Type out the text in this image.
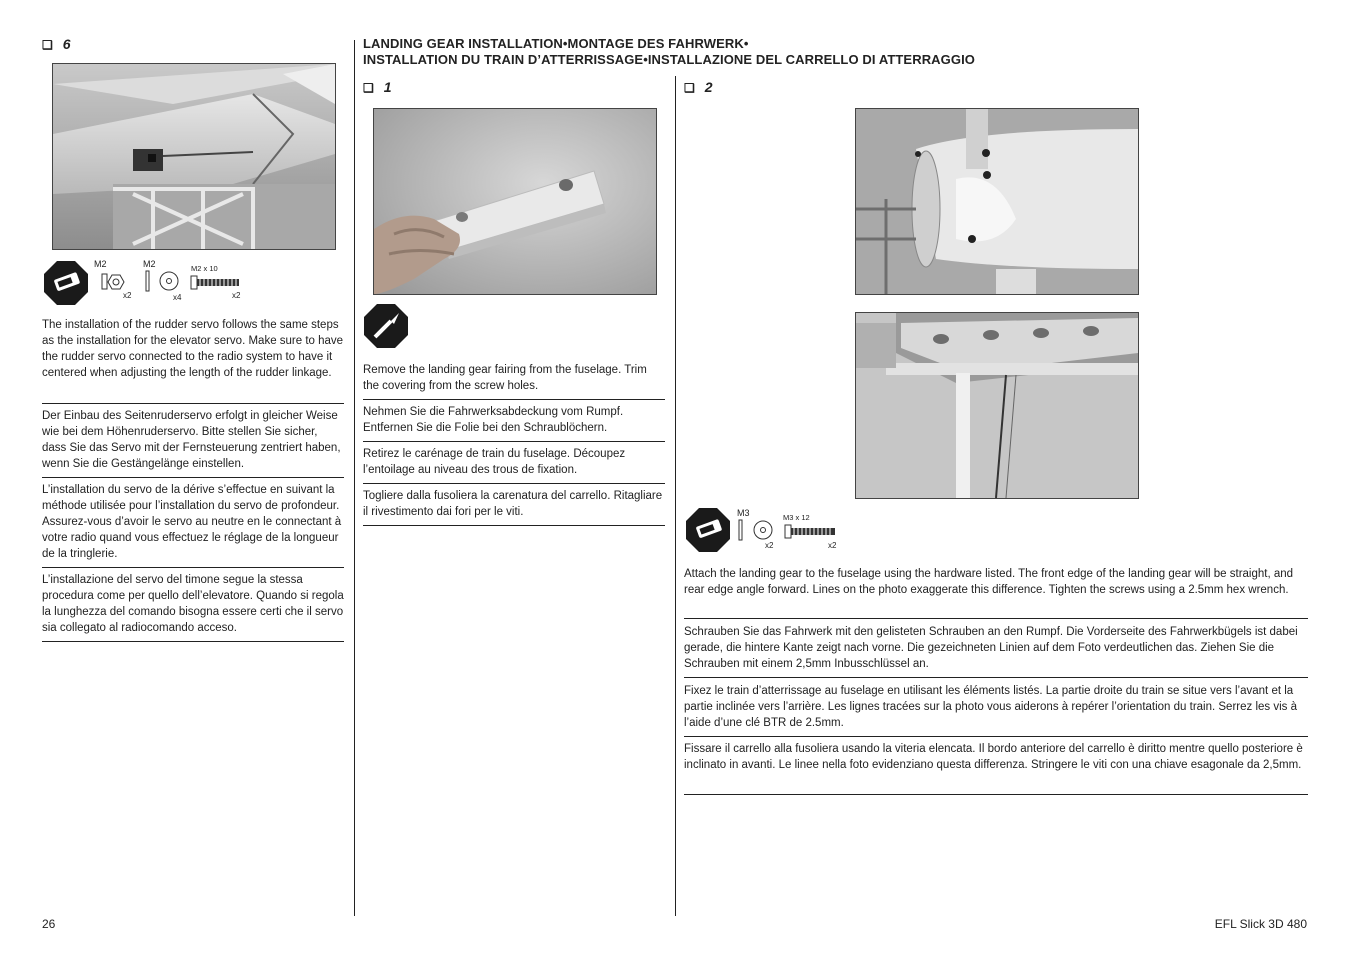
❑ 6
M2
x2
M2
x4
M2 x 10
x2
The installation of the rudder servo follows the same steps as the installation for the elevator servo. Make sure to have the rudder servo connected to the radio system to have it centered when adjusting the length of the rudder linkage.
Der Einbau des Seitenruderservo erfolgt in gleicher Weise wie bei dem Höhenruderservo. Bitte stellen Sie sicher, dass Sie das Servo mit der Fernsteuerung zentriert haben, wenn Sie die Gestängelänge einstellen.
L’installation du servo de la dérive s’effectue en suivant la méthode utilisée pour l’installation du servo de profondeur. Assurez-vous d’avoir le servo au neutre en le connectant à votre radio quand vous effectuez le réglage de la longueur de la tringlerie.
L’installazione del servo del timone segue la stessa procedura come per quello dell’elevatore. Quando si regola la lunghezza del comando bisogna essere certi che il servo sia collegato al radiocomando acceso.
LANDING GEAR INSTALLATION•MONTAGE DES FAHRWERK•
INSTALLATION DU TRAIN D’ATTERRISSAGE•INSTALLAZIONE DEL CARRELLO DI ATTERRAGGIO
❑ 1
Remove the landing gear fairing from the fuselage. Trim the covering from the screw holes.
Nehmen Sie die Fahrwerksabdeckung vom Rumpf. Entfernen Sie die Folie bei den Schraublöchern.
Retirez le carénage de train du fuselage. Découpez l’entoilage au niveau des trous de fixation.
Togliere dalla fusoliera la carenatura del carrello. Ritagliare il rivestimento dai fori per le viti.
❑ 2
M3
x2
M3 x 12
x2
Attach the landing gear to the fuselage using the hardware listed. The front edge of the landing gear will be straight, and rear edge angle forward. Lines on the photo exaggerate this difference. Tighten the screws using a 2.5mm hex wrench.
Schrauben Sie das Fahrwerk mit den gelisteten Schrauben an den Rumpf. Die Vorderseite des Fahrwerkbügels ist dabei gerade, die hintere Kante zeigt nach vorne. Die gezeichneten Linien auf dem Foto verdeutlichen das. Ziehen Sie die Schrauben mit einem 2,5mm Inbusschlüssel an.
Fixez le train d’atterrissage au fuselage en utilisant les éléments listés. La partie droite du train se situe vers l’avant et la partie inclinée vers l’arrière. Les lignes tracées sur la photo vous aiderons à repérer l’orientation du train. Serrez les vis à l’aide d’une clé BTR de 2.5mm.
Fissare il carrello alla fusoliera usando la viteria elencata. Il bordo anteriore del carrello è diritto mentre quello posteriore è inclinato in avanti. Le linee nella foto evidenziano questa differenza. Stringere le viti con una chiave esagonale da 2,5mm.
26	EFL Slick 3D 480
